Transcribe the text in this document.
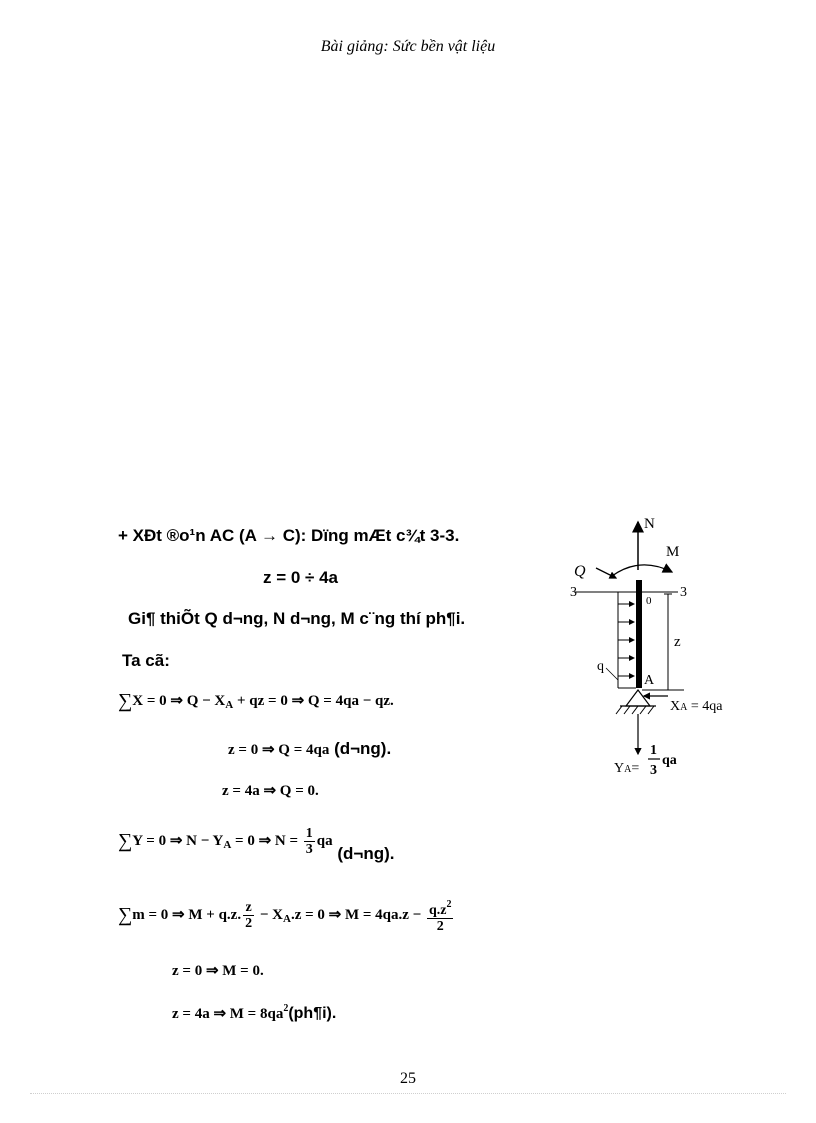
Bài giảng: Sức bền vật liệu
+ XÐt ®o¹n AC (A → C): Dïng mÆt c¾t 3-3.
z = 0 ÷ 4a
Gi¶ thiÕt Q d¬ng, N d¬ng, M c¨ng thí ph¶i.
Ta cã:
∑X = 0 ⇒ $Q - X_A$ + qz = 0 ⇒ Q = 4qa − qz.
z = 0 ⇒ Q = 4qa (d¬ng).
z = 4a ⇒ Q = 0.
∑Y = 0 ⇒ $N - Y_A = 0$ ⇒ $N = \frac{1}{3}$ qa (d¬ng).
∑m = 0 ⇒ M + q.z. $\frac{z}{2} - X_A.z = 0$ ⇒ $M = 4qa.z - \frac{q.z^2}{2}$
z = 0 ⇒ M = 0.
z = 4a ⇒ $M = 8qa^2(ph\P i)$.
N
M
Q
3	3
0
q
z
A
XA = 4qa
YA=
1
3
qa
25
